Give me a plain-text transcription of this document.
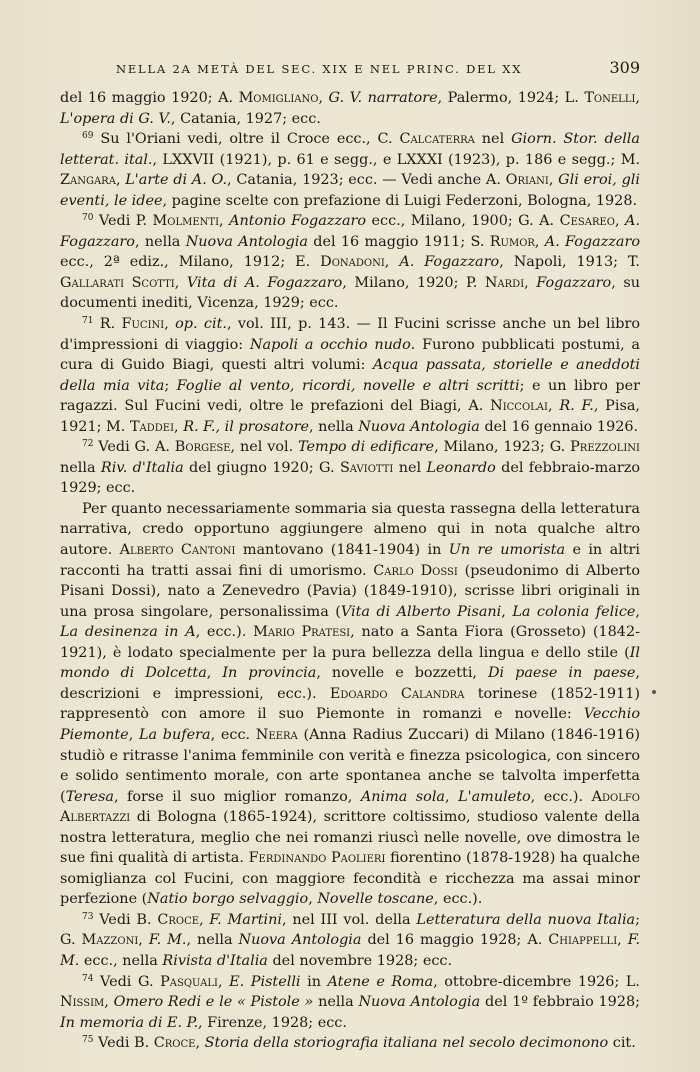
NELLA 2A METÀ DEL SEC. XIX E NEL PRINC. DEL XX	309

del 16 maggio 1920; A. Momigliano, G. V. narratore, Palermo, 1924; L. Tonelli, L'opera di G. V., Catania, 1927; ecc.

$^{69}$ Su l'Oriani vedi, oltre il Croce ecc., C. Calcaterra nel Giorn. Stor. della letterat. ital., LXXVII (1921), p. 61 e segg., e LXXXI (1923), p. 186 e segg.; M. Zangara, L'arte di A. O., Catania, 1923; ecc. — Vedi anche A. Oriani, Gli eroi, gli eventi, le idee, pagine scelte con prefazione di Luigi Federzoni, Bologna, 1928.

$^{70}$ Vedi P. Molmenti, Antonio Fogazzaro ecc., Milano, 1900; G. A. Cesareo, A. Fogazzaro, nella Nuova Antologia del 16 maggio 1911; S. Rumor, A. Fogazzaro ecc., 2ª ediz., Milano, 1912; E. Donadoni, A. Fogazzaro, Napoli, 1913; T. Gallarati Scotti, Vita di A. Fogazzaro, Milano, 1920; P. Nardi, Fogazzaro, su documenti inediti, Vicenza, 1929; ecc.

$^{71}$ R. Fucini, op. cit., vol. III, p. 143. — Il Fucini scrisse anche un bel libro d'impressioni di viaggio: Napoli a occhio nudo. Furono pubblicati postumi, a cura di Guido Biagi, questi altri volumi: Acqua passata, storielle e aneddoti della mia vita; Foglie al vento, ricordi, novelle e altri scritti; e un libro per ragazzi. Sul Fucini vedi, oltre le prefazioni del Biagi, A. Niccolai, R. F., Pisa, 1921; M. Taddei, R. F., il prosatore, nella Nuova Antologia del 16 gennaio 1926.

$^{72}$ Vedi G. A. Borgese, nel vol. Tempo di edificare, Milano, 1923; G. Prezzolini nella Riv. d'Italia del giugno 1920; G. Saviotti nel Leonardo del febbraio-marzo 1929; ecc.

Per quanto necessariamente sommaria sia questa rassegna della letteratura narrativa, credo opportuno aggiungere almeno qui in nota qualche altro autore. Alberto Cantoni mantovano (1841-1904) in Un re umorista e in altri racconti ha tratti assai fini di umorismo. Carlo Dossi (pseudonimo di Alberto Pisani Dossi), nato a Zenevedro (Pavia) (1849-1910), scrisse libri originali in una prosa singolare, personalissima (Vita di Alberto Pisani, La colonia felice, La desinenza in A, ecc.). Mario Pratesi, nato a Santa Fiora (Grosseto) (1842-1921), è lodato specialmente per la pura bellezza della lingua e dello stile (Il mondo di Dolcetta, In provincia, novelle e bozzetti, Di paese in paese, descrizioni e impressioni, ecc.). Edoardo Calandra torinese (1852-1911) rappresentò con amore il suo Piemonte in romanzi e novelle: Vecchio Piemonte, La bufera, ecc. Neera (Anna Radius Zuccari) di Milano (1846-1916) studiò e ritrasse l'anima femminile con verità e finezza psicologica, con sincero e solido sentimento morale, con arte spontanea anche se talvolta imperfetta (Teresa, forse il suo miglior romanzo, Anima sola, L'amuleto, ecc.). Adolfo Albertazzi di Bologna (1865-1924), scrittore coltissimo, studioso valente della nostra letteratura, meglio che nei romanzi riuscì nelle novelle, ove dimostra le sue fini qualità di artista. Ferdinando Paolieri fiorentino (1878-1928) ha qualche somiglianza col Fucini, con maggiore fecondità e ricchezza ma assai minor perfezione (Natio borgo selvaggio, Novelle toscane, ecc.).

$^{73}$ Vedi B. Croce, F. Martini, nel III vol. della Letteratura della nuova Italia; G. Mazzoni, F. M., nella Nuova Antologia del 16 maggio 1928; A. Chiappelli, F. M. ecc., nella Rivista d'Italia del novembre 1928; ecc.

$^{74}$ Vedi G. Pasquali, E. Pistelli in Atene e Roma, ottobre-dicembre 1926; L. Nissim, Omero Redi e le « Pistole » nella Nuova Antologia del 1º febbraio 1928; In memoria di E. P., Firenze, 1928; ecc.

$^{75}$ Vedi B. Croce, Storia della storiografia italiana nel secolo decimonono cit.
